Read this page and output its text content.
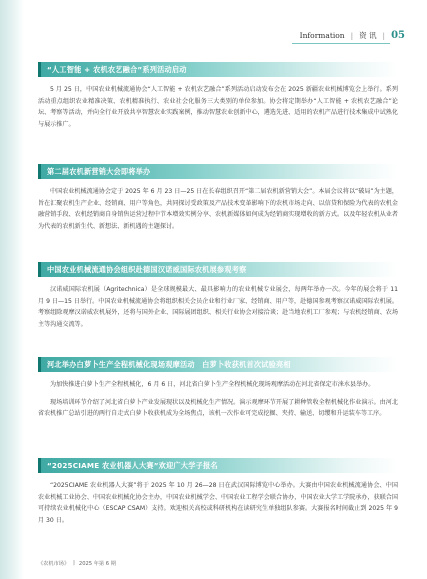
Information | 资 讯 | 05
“人工智能 + 农机农艺融合”系列活动启动

5 月 25 日，中国农业机械流通协会“人工智能 + 农机农艺融合”系列活动启动发布会在 2025 新疆农业机械博览会上举行。系列活动重点组织农业精准决策、农机精准执行、农业社会化服务三大类别的单位参加。协会将定期举办“人工智能 + 农机农艺融合”论坛、考察等活动，并向全行业开放共享智慧农业实践案例，推动智慧农业创新中心，遴选先进、适用的农机产品进行技术集成中试熟化与展示推广。

第二届农机新营销大会即将举办

中国农业机械流通协会定于 2025 年 6 月 23 日—25 日在长春组织召开“第二届农机新营销大会”。本届会议将以“破局”为主题，旨在汇聚农机生产企业、经销商、用户等角色，共同探讨受政策及产品技术变革影响下的农机市场走向、以信贷和保险为代表的农机金融营销手段、农机经销商自身销售运营过程中节本增效实例分享、农机新媒体如何成为经销商实现增收的新方式。以及年轻农机从业者为代表的农机新生代、新想法、新机遇的主题探讨。

中国农业机械流通协会组织赴德国汉诺威国际农机展参观考察

汉诺威国际农机展（Agritechnica）是全球规模最大、最具影响力的农业机械专业展会，每两年举办一次。今年的展会将于 11 月 9 日—15 日举行。中国农业机械流通协会将组织相关会员企业和行业厂家、经销商、用户等，赴德国参观考察汉诺威国际农机展。考察组除观摩汉诺威农机展外，还将与国外企业、国际展团组织、相关行业协会对接洽谈；赴当地农机工厂参观；与农机经销商、农场主等沟通交流等。

河北举办白萝卜生产全程机械化现场观摩活动　白萝卜收获机首次试验亮相

为加快推进白萝卜生产全程机械化，6 月 6 日，河北省白萝卜生产全程机械化现场观摩活动在河北省保定市涞水县举办。

现场培训环节介绍了河北省白萝卜产业发展现状以及机械化生产情况。演示观摩环节开展了耕种管收全程机械化作业演示。由河北省农机推广总站引进的两行自走式白萝卜收获机成为全场焦点，该机一次作业可完成挖掘、夹持、输送、切缨和升运装车等工序。

“2025CIAME 农业机器人大赛”欢迎广大学子报名

“2025CIAME 农业机器人大赛”将于 2025 年 10 月 26—28 日在武汉国际博览中心举办。大赛由中国农业机械流通协会、中国农业机械工业协会、中国农业机械化协会主办，中国农业机械学会、中国农业工程学会联合协办，中国农业大学工学院承办，获联合国可持续农业机械化中心（ESCAP CSAM）支持。欢迎相关高校或科研机构在读研究生单独组队参赛。大赛报名时间截止到 2025 年 9 月 30 日。

《农机市场》 | 2025 年第 6 期
